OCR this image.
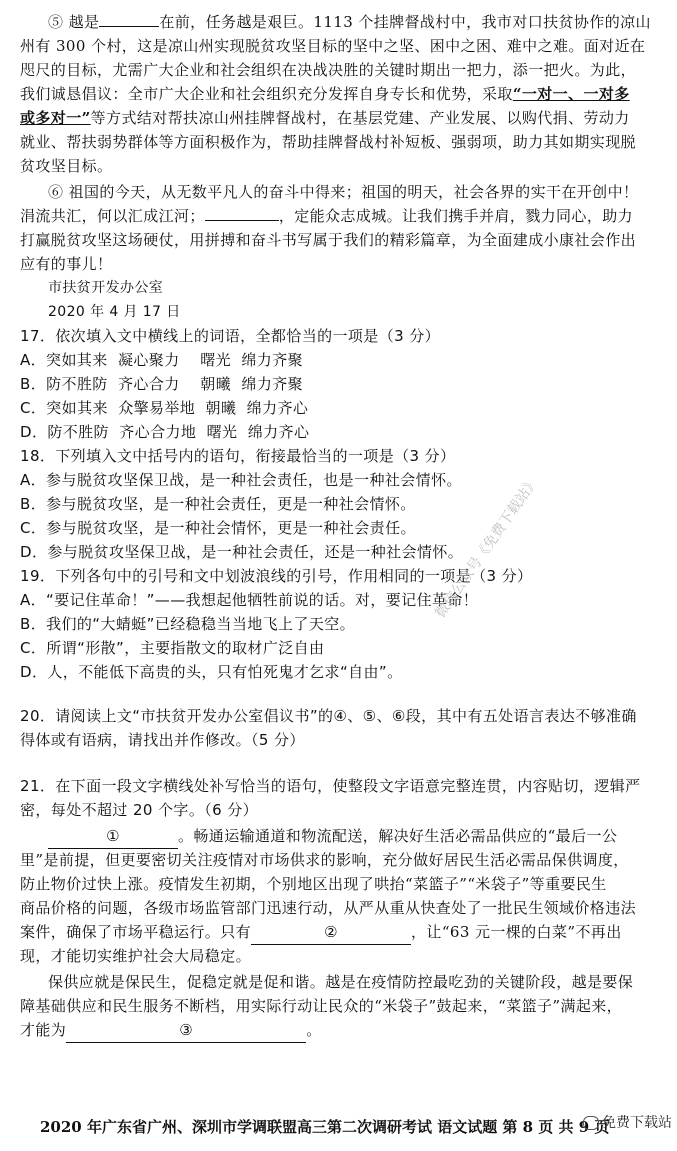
⑤ 越是	在前，任务越是艰巨。1113 个挂牌督战村中，我市对口扶贫协作的凉山
州有 300 个村，这是凉山州实现脱贫攻坚目标的坚中之坚、困中之困、难中之难。面对近在
咫尺的目标，尤需广大企业和社会组织在决战决胜的关键时期出一把力，添一把火。为此，
我们诚恳倡议：全市广大企业和社会组织充分发挥自身专长和优势，采取“一对一、一对多
或多对一”等方式结对帮扶凉山州挂牌督战村，在基层党建、产业发展、以购代捐、劳动力
就业、帮扶弱势群体等方面积极作为，帮助挂牌督战村补短板、强弱项，助力其如期实现脱
贫攻坚目标。
⑥ 祖国的今天，从无数平凡人的奋斗中得来；祖国的明天，社会各界的实干在开创中！
涓流共汇，何以汇成江河；	，定能众志成城。让我们携手并肩，戮力同心，助力
打赢脱贫攻坚这场硬仗，用拼搏和奋斗书写属于我们的精彩篇章，为全面建成小康社会作出
应有的事儿！
市扶贫开发办公室
2020 年 4 月 17 日
17．依次填入文中横线上的词语，全都恰当的一项是（3 分）
A．突如其来  凝心聚力    曙光  绵力齐聚
B．防不胜防  齐心合力    朝曦  绵力齐聚
C．突如其来  众擎易举地  朝曦  绵力齐心
D．防不胜防  齐心合力地  曙光  绵力齐心
18．下列填入文中括号内的语句，衔接最恰当的一项是（3 分）
A．参与脱贫攻坚保卫战，是一种社会责任，也是一种社会情怀。
B．参与脱贫攻坚，是一种社会责任，更是一种社会情怀。
C．参与脱贫攻坚，是一种社会情怀，更是一种社会责任。
D．参与脱贫攻坚保卫战，是一种社会责任，还是一种社会情怀。
19．下列各句中的引号和文中划波浪线的引号，作用相同的一项是（3 分）
A．“要记住革命！”——我想起他牺牲前说的话。对，要记住革命！
B．我们的“大蜻蜓”已经稳稳当当地飞上了天空。
C．所谓“形散”，主要指散文的取材广泛自由
D．人，不能低下高贵的头，只有怕死鬼才乞求“自由”。
20．请阅读上文“市扶贫开发办公室倡议书”的④、⑤、⑥段，其中有五处语言表达不够准确
得体或有语病，请找出并作修改。（5 分）
21．在下面一段文字横线处补写恰当的语句，使整段文字语意完整连贯，内容贴切，逻辑严
密，每处不超过 20 个字。（6 分）
①	。畅通运输通道和物流配送，解决好生活必需品供应的“最后一公
里”是前提，但更要密切关注疫情对市场供求的影响，充分做好居民生活必需品保供调度，
防止物价过快上涨。疫情发生初期，个别地区出现了哄抬“菜篮子”“米袋子”等重要民生
商品价格的问题，各级市场监管部门迅速行动，从严从重从快查处了一批民生领域价格违法
案件，确保了市场平稳运行。只有	②	，让“63 元一棵的白菜”不再出
现，才能切实维护社会大局稳定。
保供应就是保民生，促稳定就是促和谐。越是在疫情防控最吃劲的关键阶段，越是要保
障基础供应和民生服务不断档，用实际行动让民众的“米袋子”鼓起来，“菜篮子”满起来，
才能为	③	。
微信公众号《免费下载站》
2020 年广东省广州、深圳市学调联盟高三第二次调研考试 语文试题 第 8 页 共 9 页
免费下载站
